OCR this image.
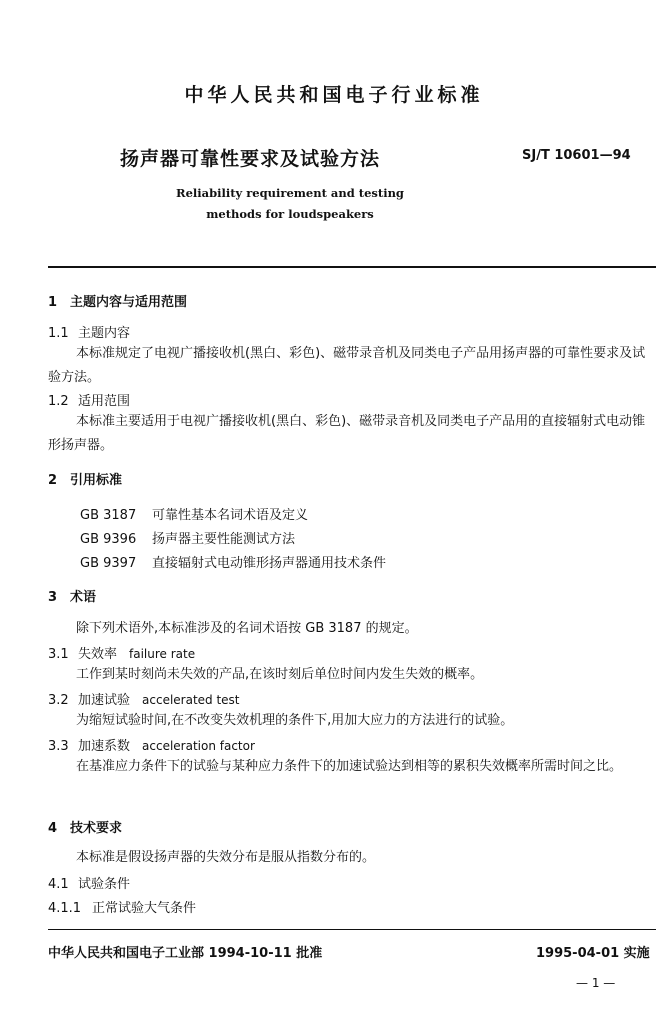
中华人民共和国电子行业标准
扬声器可靠性要求及试验方法	SJ/T 10601—94
Reliability requirement and testing
methods for loudspeakers
1 主题内容与适用范围
1.1 主题内容
本标准规定了电视广播接收机(黑白、彩色)、磁带录音机及同类电子产品用扬声器的可靠性要求及试验方法。
1.2 适用范围
本标准主要适用于电视广播接收机(黑白、彩色)、磁带录音机及同类电子产品用的直接辐射式电动锥形扬声器。
2 引用标准
GB 3187 可靠性基本名词术语及定义
GB 9396 扬声器主要性能测试方法
GB 9397 直接辐射式电动锥形扬声器通用技术条件
3 术语
除下列术语外,本标准涉及的名词术语按 GB 3187 的规定。
3.1 失效率 failure rate
工作到某时刻尚未失效的产品,在该时刻后单位时间内发生失效的概率。
3.2 加速试验 accelerated test
为缩短试验时间,在不改变失效机理的条件下,用加大应力的方法进行的试验。
3.3 加速系数 acceleration factor
在基准应力条件下的试验与某种应力条件下的加速试验达到相等的累积失效概率所需时间之比。
4 技术要求
本标准是假设扬声器的失效分布是服从指数分布的。
4.1 试验条件
4.1.1 正常试验大气条件
中华人民共和国电子工业部 1994-10-11 批准	1995-04-01 实施
— 1 —
